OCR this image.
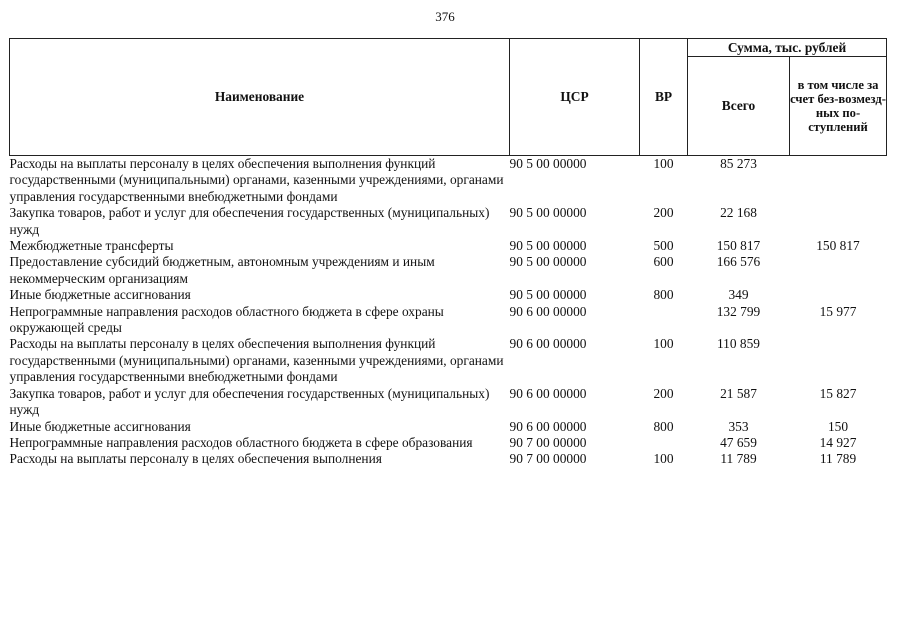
376
Наименование	ЦСР	ВР	Сумма, тыс. рублей	
			Всего	в том числе за счет без-возмезд-ных по-ступлений
Расходы на выплаты персоналу в целях обеспечения выполнения функций государственными (муниципальными) органами, казенными учреждениями, органами управления государственными внебюджетными фондами	90 5 00 00000	100	85 273	
Закупка товаров, работ и услуг для обеспечения государственных (муниципальных) нужд	90 5 00 00000	200	22 168	
Межбюджетные трансферты	90 5 00 00000	500	150 817	150 817
Предоставление субсидий бюджетным, автономным учреждениям и иным некоммерческим организациям	90 5 00 00000	600	166 576	
Иные бюджетные ассигнования	90 5 00 00000	800	349	
Непрограммные направления расходов областного бюджета в сфере охраны окружающей среды	90 6 00 00000		132 799	15 977
Расходы на выплаты персоналу в целях обеспечения выполнения функций государственными (муниципальными) органами, казенными учреждениями, органами управления государственными внебюджетными фондами	90 6 00 00000	100	110 859	
Закупка товаров, работ и услуг для обеспечения государственных (муниципальных) нужд	90 6 00 00000	200	21 587	15 827
Иные бюджетные ассигнования	90 6 00 00000	800	353	150
Непрограммные направления расходов областного бюджета в сфере образования	90 7 00 00000		47 659	14 927
Расходы на выплаты персоналу в целях обеспечения выполнения	90 7 00 00000	100	11 789	11 789
